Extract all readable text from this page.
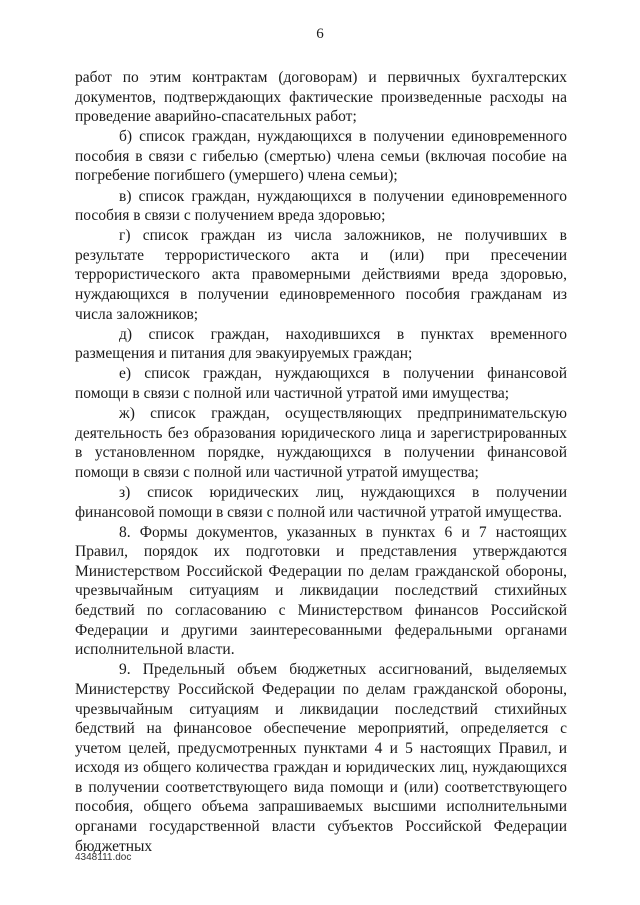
6

работ по этим контрактам (договорам) и первичных бухгалтерских документов, подтверждающих фактические произведенные расходы на проведение аварийно-спасательных работ;

б) список граждан, нуждающихся в получении единовременного пособия в связи с гибелью (смертью) члена семьи (включая пособие на погребение погибшего (умершего) члена семьи);

в) список граждан, нуждающихся в получении единовременного пособия в связи с получением вреда здоровью;

г) список граждан из числа заложников, не получивших в результате террористического акта и (или) при пресечении террористического акта правомерными действиями вреда здоровью, нуждающихся в получении единовременного пособия гражданам из числа заложников;

д) список граждан, находившихся в пунктах временного размещения и питания для эвакуируемых граждан;

е) список граждан, нуждающихся в получении финансовой помощи в связи с полной или частичной утратой ими имущества;

ж) список граждан, осуществляющих предпринимательскую деятельность без образования юридического лица и зарегистрированных в установленном порядке, нуждающихся в получении финансовой помощи в связи с полной или частичной утратой имущества;

з) список юридических лиц, нуждающихся в получении финансовой помощи в связи с полной или частичной утратой имущества.

8. Формы документов, указанных в пунктах 6 и 7 настоящих Правил, порядок их подготовки и представления утверждаются Министерством Российской Федерации по делам гражданской обороны, чрезвычайным ситуациям и ликвидации последствий стихийных бедствий по согласованию с Министерством финансов Российской Федерации и другими заинтересованными федеральными органами исполнительной власти.

9. Предельный объем бюджетных ассигнований, выделяемых Министерству Российской Федерации по делам гражданской обороны, чрезвычайным ситуациям и ликвидации последствий стихийных бедствий на финансовое обеспечение мероприятий, определяется с учетом целей, предусмотренных пунктами 4 и 5 настоящих Правил, и исходя из общего количества граждан и юридических лиц, нуждающихся в получении соответствующего вида помощи и (или) соответствующего пособия, общего объема запрашиваемых высшими исполнительными органами государственной власти субъектов Российской Федерации бюджетных

4348111.doc
